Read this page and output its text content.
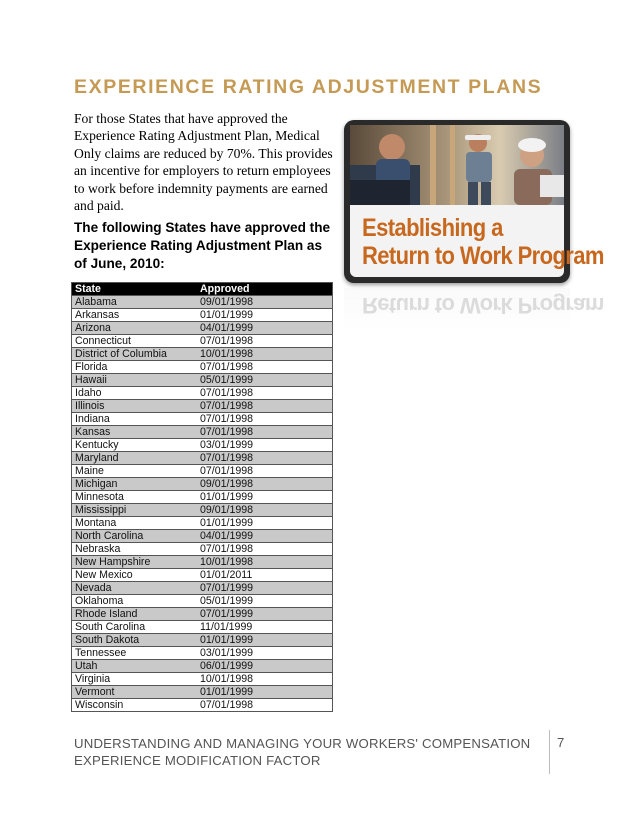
EXPERIENCE RATING ADJUSTMENT PLANS
For those States that have approved the Experience Rating Adjustment Plan, Medical Only claims are reduced by 70%. This provides an incentive for employers to return employees to work before indemnity payments are earned and paid.
The following States have approved the Experience Rating Adjustment Plan as of June, 2010:
State	Approved
Alabama	09/01/1998
Arkansas	01/01/1999
Arizona	04/01/1999
Connecticut	07/01/1998
District of Columbia	10/01/1998
Florida	07/01/1998
Hawaii	05/01/1999
Idaho	07/01/1998
Illinois	07/01/1998
Indiana	07/01/1998
Kansas	07/01/1998
Kentucky	03/01/1999
Maryland	07/01/1998
Maine	07/01/1998
Michigan	09/01/1998
Minnesota	01/01/1999
Mississippi	09/01/1998
Montana	01/01/1999
North Carolina	04/01/1999
Nebraska	07/01/1998
New Hampshire	10/01/1998
New Mexico	01/01/2011
Nevada	07/01/1999
Oklahoma	05/01/1999
Rhode Island	07/01/1999
South Carolina	11/01/1999
South Dakota	01/01/1999
Tennessee	03/01/1999
Utah	06/01/1999
Virginia	10/01/1998
Vermont	01/01/1999
Wisconsin	07/01/1998
Establishing a
Return to Work Program
Return to Work Program
UNDERSTANDING AND MANAGING YOUR WORKERS' COMPENSATION
EXPERIENCE MODIFICATION FACTOR
7
